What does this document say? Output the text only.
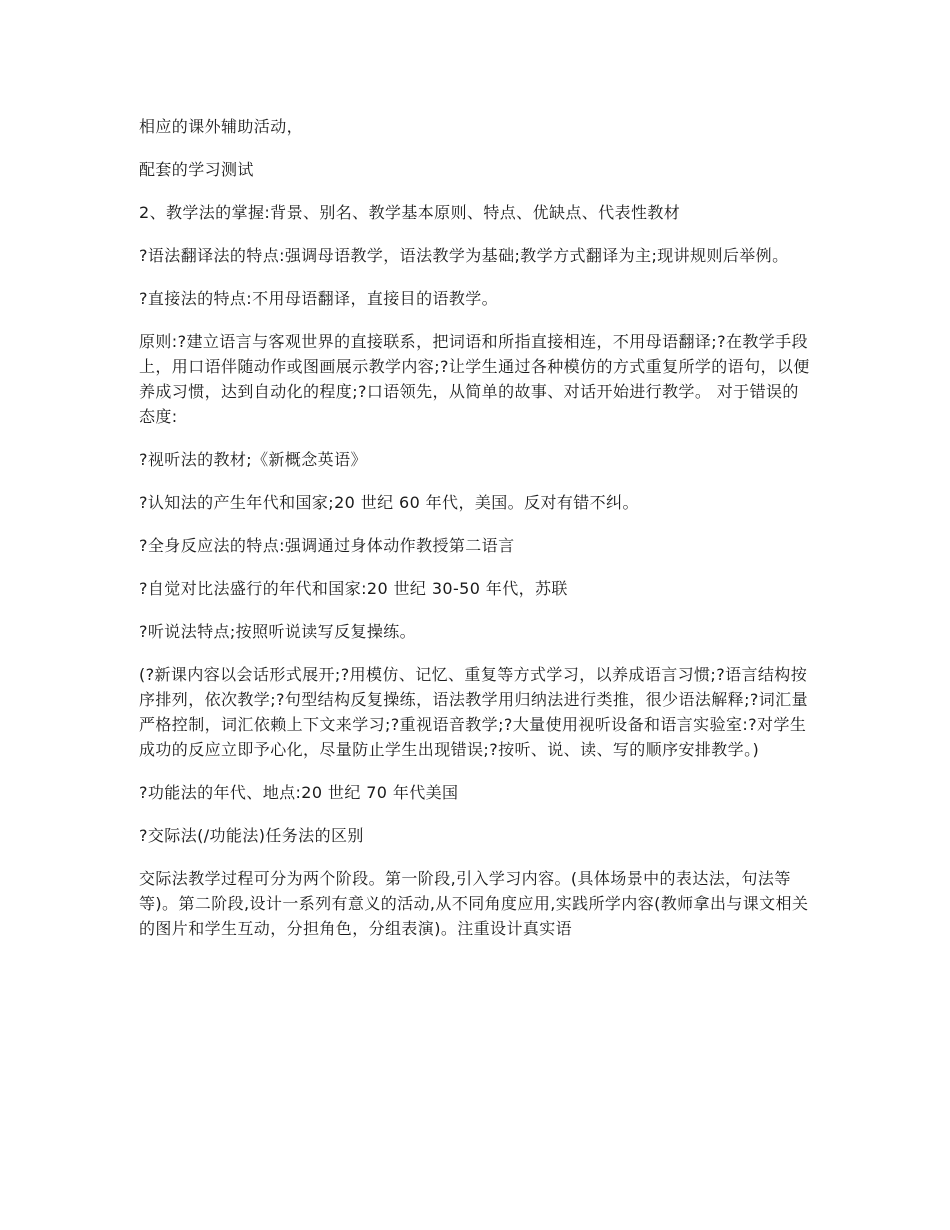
相应的课外辅助活动，

配套的学习测试

2、教学法的掌握:背景、别名、教学基本原则、特点、优缺点、代表性教材

?语法翻译法的特点:强调母语教学，语法教学为基础;教学方式翻译为主;现讲规则后举例。

?直接法的特点:不用母语翻译，直接目的语教学。

原则:?建立语言与客观世界的直接联系，把词语和所指直接相连，不用母语翻译;?在教学手段上，用口语伴随动作或图画展示教学内容;?让学生通过各种模仿的方式重复所学的语句，以便养成习惯，达到自动化的程度;?口语领先，从简单的故事、对话开始进行教学。 对于错误的态度:

?视听法的教材;《新概念英语》

?认知法的产生年代和国家;20 世纪 60 年代，美国。反对有错不纠。

?全身反应法的特点:强调通过身体动作教授第二语言

?自觉对比法盛行的年代和国家:20 世纪 30-50 年代，苏联

?听说法特点;按照听说读写反复操练。

(?新课内容以会话形式展开;?用模仿、记忆、重复等方式学习，以养成语言习惯;?语言结构按序排列，依次教学;?句型结构反复操练，语法教学用归纳法进行类推，很少语法解释;?词汇量严格控制，词汇依赖上下文来学习;?重视语音教学;?大量使用视听设备和语言实验室:?对学生成功的反应立即予心化，尽量防止学生出现错误;?按听、说、读、写的顺序安排教学。)

?功能法的年代、地点:20 世纪 70 年代美国

?交际法(/功能法)任务法的区别

交际法教学过程可分为两个阶段。第一阶段,引入学习内容。(具体场景中的表达法，句法等等)。第二阶段,设计一系列有意义的活动,从不同角度应用,实践所学内容(教师拿出与课文相关的图片和学生互动，分担角色，分组表演)。注重设计真实语
